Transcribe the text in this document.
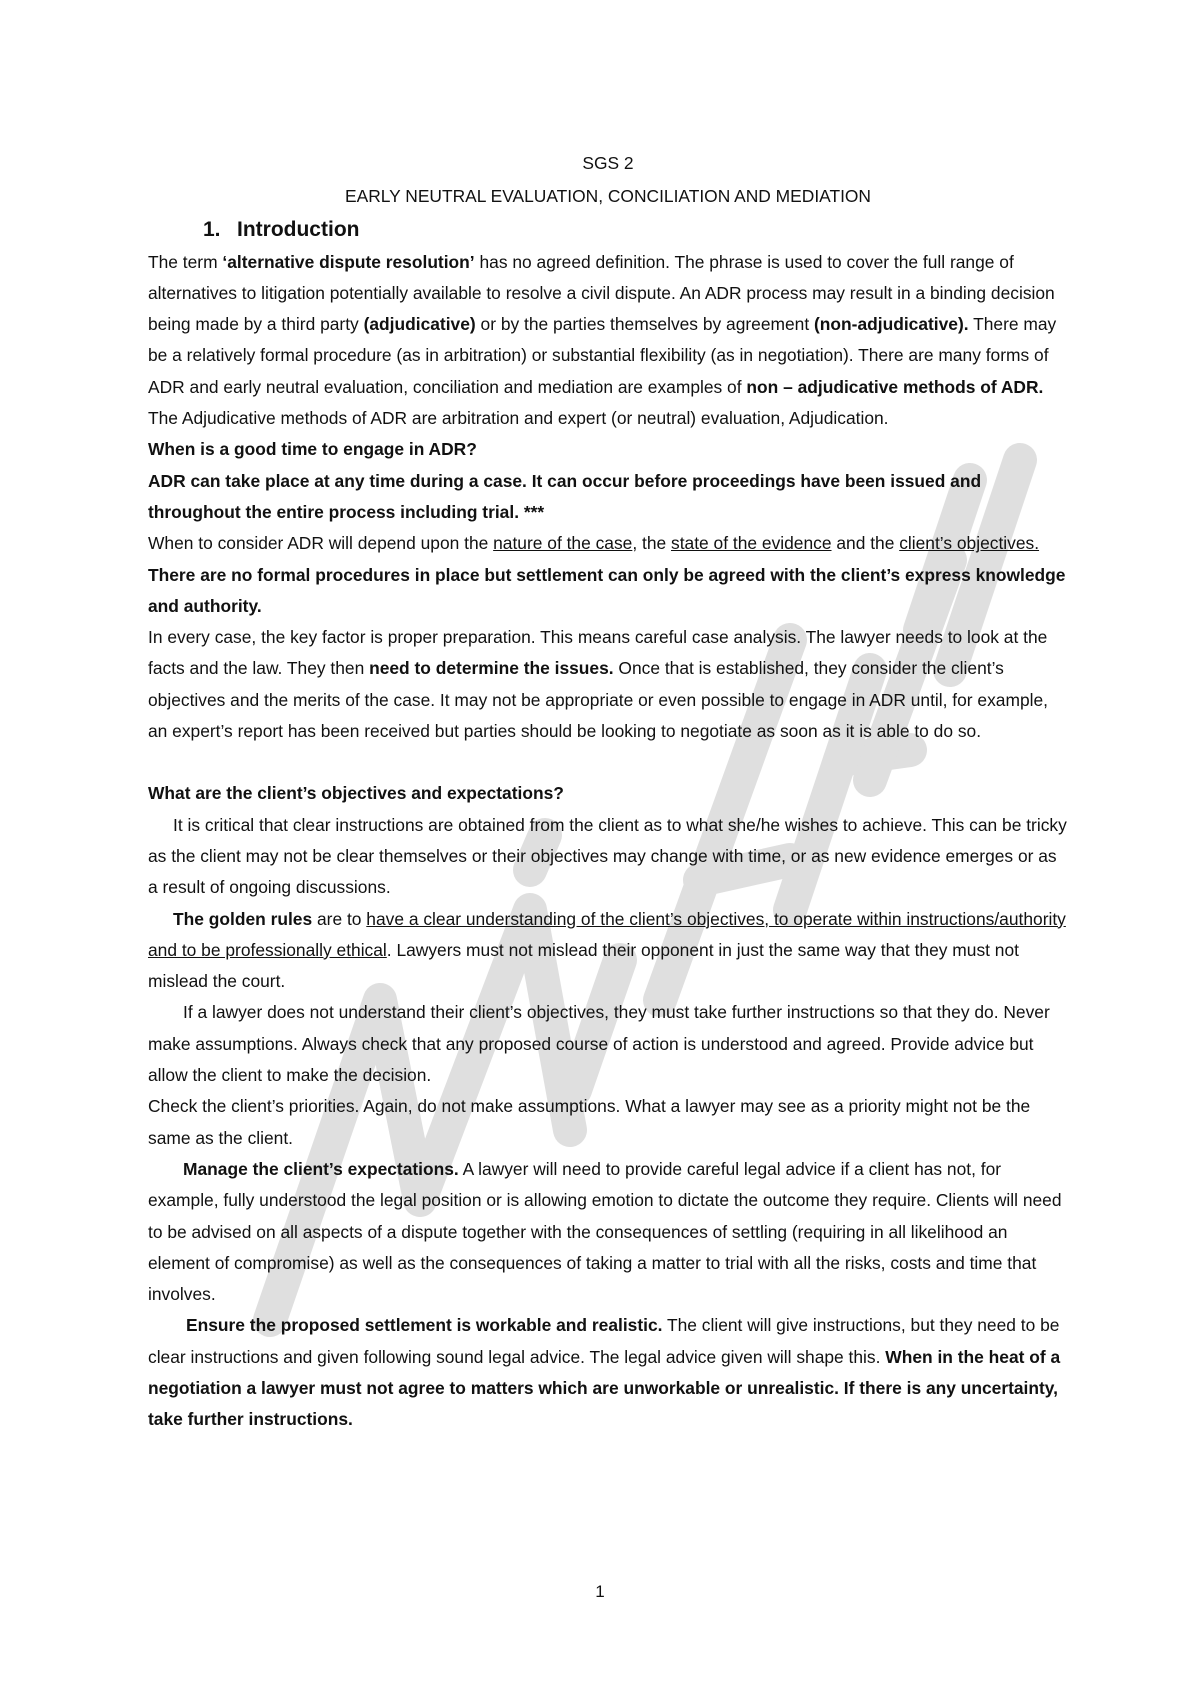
SGS 2

EARLY NEUTRAL EVALUATION, CONCILIATION AND MEDIATION

1. Introduction

The term ‘alternative dispute resolution’ has no agreed definition. The phrase is used to cover the full range of alternatives to litigation potentially available to resolve a civil dispute. An ADR process may result in a binding decision being made by a third party (adjudicative) or by the parties themselves by agreement (non-adjudicative). There may be a relatively formal procedure (as in arbitration) or substantial flexibility (as in negotiation). There are many forms of ADR and early neutral evaluation, conciliation and mediation are examples of non – adjudicative methods of ADR.

The Adjudicative methods of ADR are arbitration and expert (or neutral) evaluation, Adjudication.

When is a good time to engage in ADR?

ADR can take place at any time during a case. It can occur before proceedings have been issued and throughout the entire process including trial. ***

When to consider ADR will depend upon the nature of the case, the state of the evidence and the client’s objectives. There are no formal procedures in place but settlement can only be agreed with the client’s express knowledge and authority.

In every case, the key factor is proper preparation. This means careful case analysis. The lawyer needs to look at the facts and the law. They then need to determine the issues. Once that is established, they consider the client’s objectives and the merits of the case. It may not be appropriate or even possible to engage in ADR until, for example, an expert’s report has been received but parties should be looking to negotiate as soon as it is able to do so.

What are the client’s objectives and expectations?

It is critical that clear instructions are obtained from the client as to what she/he wishes to achieve. This can be tricky as the client may not be clear themselves or their objectives may change with time, or as new evidence emerges or as a result of ongoing discussions.

The golden rules are to have a clear understanding of the client’s objectives, to operate within instructions/authority and to be professionally ethical. Lawyers must not mislead their opponent in just the same way that they must not mislead the court.

If a lawyer does not understand their client’s objectives, they must take further instructions so that they do. Never make assumptions. Always check that any proposed course of action is understood and agreed. Provide advice but allow the client to make the decision.

Check the client’s priorities. Again, do not make assumptions. What a lawyer may see as a priority might not be the same as the client.

Manage the client’s expectations. A lawyer will need to provide careful legal advice if a client has not, for example, fully understood the legal position or is allowing emotion to dictate the outcome they require. Clients will need to be advised on all aspects of a dispute together with the consequences of settling (requiring in all likelihood an element of compromise) as well as the consequences of taking a matter to trial with all the risks, costs and time that involves.

Ensure the proposed settlement is workable and realistic. The client will give instructions, but they need to be clear instructions and given following sound legal advice. The legal advice given will shape this. When in the heat of a negotiation a lawyer must not agree to matters which are unworkable or unrealistic. If there is any uncertainty, take further instructions.

1
